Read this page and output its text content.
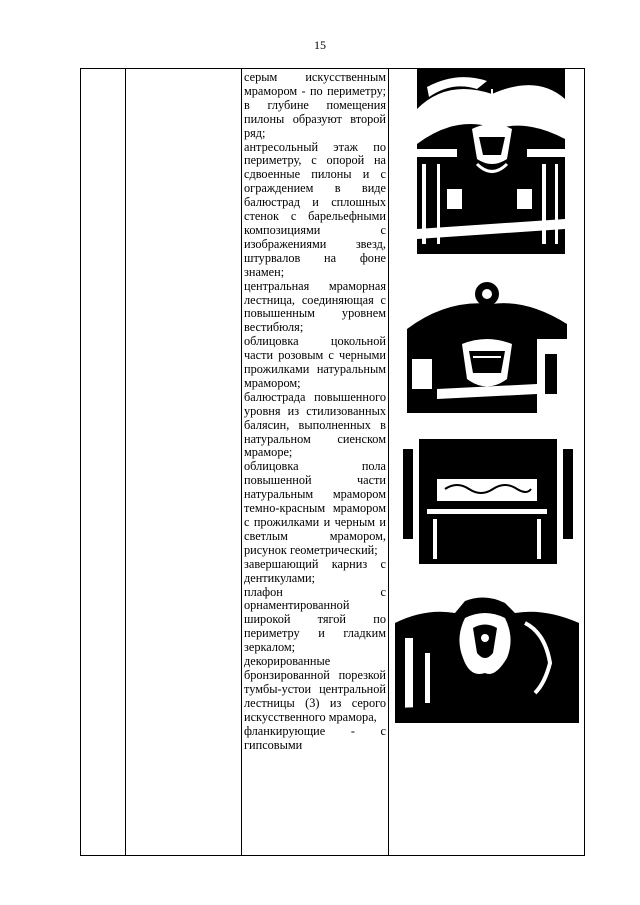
15

серым искусственным мрамором - по периметру; в глубине помещения пилоны образуют второй ряд;

антресольный этаж по периметру, с опорой на сдвоенные пилоны и с ограждением в виде балюстрад и сплошных стенок с барельефными композициями с изображениями звезд, штурвалов на фоне знамен;

центральная мраморная лестница, соединяющая с повышенным уровнем вестибюля;

облицовка цокольной части розовым с черными прожилками натуральным мрамором;

балюстрада повышенного уровня из стилизованных балясин, выполненных в натуральном сиенском мраморе;

облицовка пола повышенной части натуральным мрамором темно-красным мрамором с прожилками и черным и светлым мрамором, рисунок геометрический;

завершающий карниз с дентикулами;

плафон с орнаментированной широкой тягой по периметру и гладким зеркалом;

декорированные бронзированной порезкой тумбы-устои центральной лестницы (3) из серого искусственного мрамора,

фланкирующие - с гипсовыми
